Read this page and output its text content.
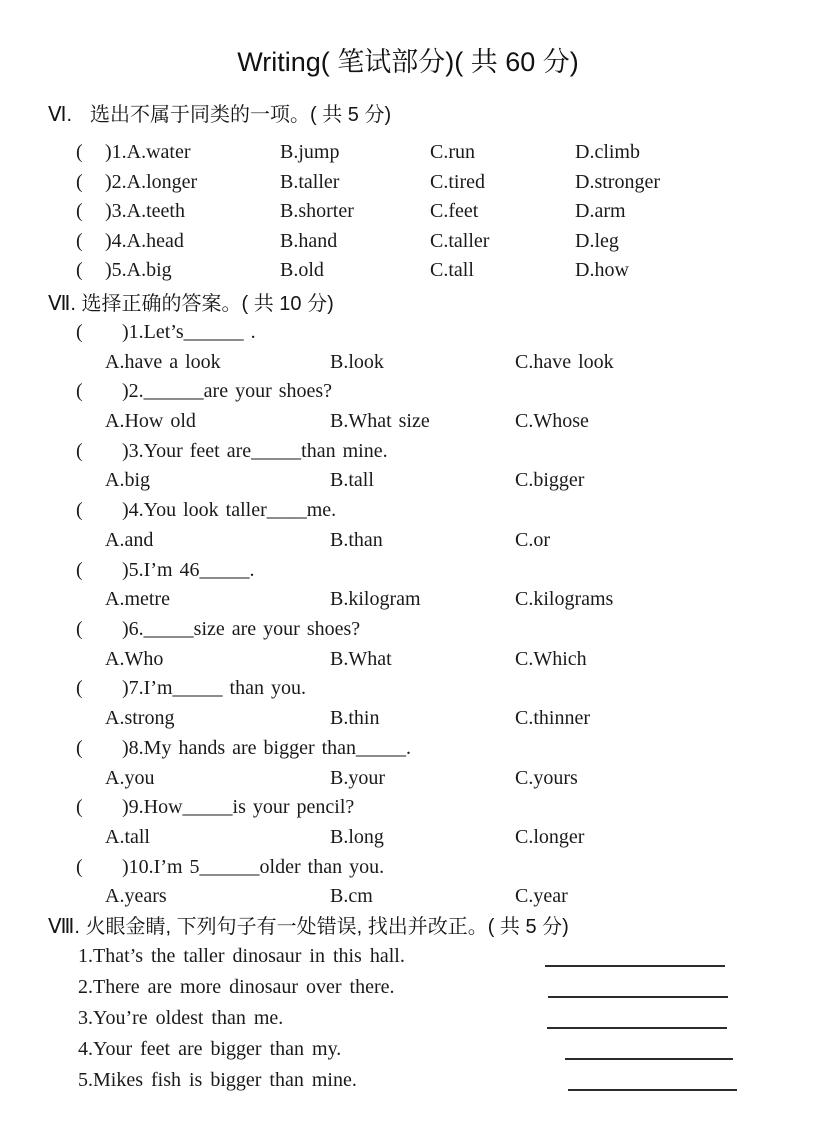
Writing( 笔试部分)( 共 60 分)
Ⅵ. 选出不属于同类的一项。( 共 5 分)
(	)1.A.water	B.jump	C.run	D.climb
(	)2.A.longer	B.taller	C.tired	D.stronger
(	)3.A.teeth	B.shorter	C.feet	D.arm
(	)4.A.head	B.hand	C.taller	D.leg
(	)5.A.big	B.old	C.tall	D.how
Ⅶ. 选择正确的答案。( 共 10 分)
(	)1.Let’s______ .
A.have a look	B.look	C.have look
(	)2.______are your shoes?
A.How old	B.What size	C.Whose
(	)3.Your feet are_____than mine.
A.big	B.tall	C.bigger
(	)4.You look taller____me.
A.and	B.than	C.or
(	)5.I’m 46_____.
A.metre	B.kilogram	C.kilograms
(	)6._____size are your shoes?
A.Who	B.What	C.Which
(	)7.I’m_____ than you.
A.strong	B.thin	C.thinner
(	)8.My hands are bigger than_____.
A.you	B.your	C.yours
(	)9.How_____is your pencil?
A.tall	B.long	C.longer
(	)10.I’m 5______older than you.
A.years	B.cm	C.year
Ⅷ. 火眼金睛, 下列句子有一处错误, 找出并改正。( 共 5 分)
1.That’s the taller dinosaur in this hall.
2.There are more dinosaur over there.
3.You’re oldest than me.
4.Your feet are bigger than my.
5.Mikes fish is bigger than mine.
